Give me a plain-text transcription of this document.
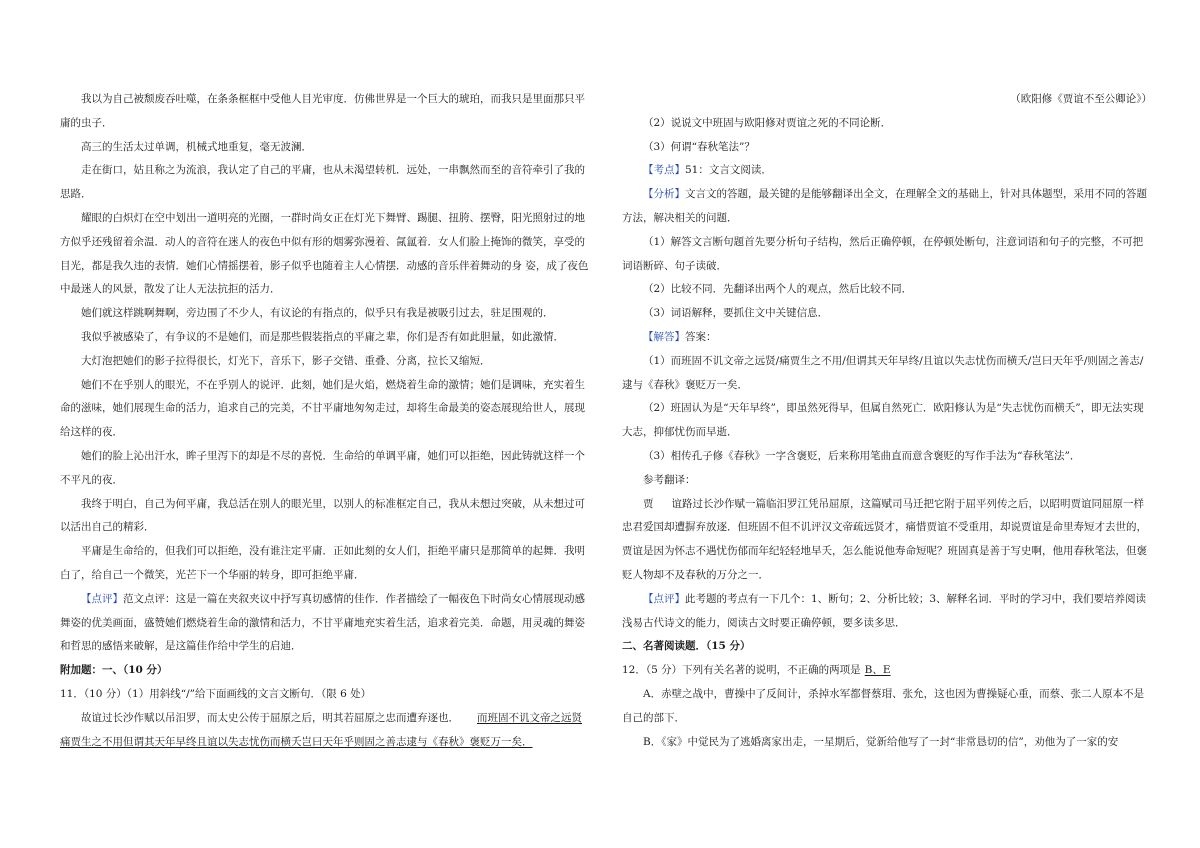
我以为自己被颓废吞吐噬，在条条框框中受他人目光审度．仿佛世界是一个巨大的琥珀，而我只是里面那只平庸的虫子．

高三的生活太过单调，机械式地重复，毫无波澜．

走在街口，姑且称之为流浪，我认定了自己的平庸，也从未渴望转机．远处，一串飘然而至的音符牵引了我的思路．

耀眼的白炽灯在空中划出一道明亮的光圈，一群时尚女正在灯光下舞臂、踢腿、扭胯、摆臀，阳光照射过的地方似乎还残留着余温．动人的音符在迷人的夜色中似有形的烟雾弥漫着、氤氲着．女人们脸上掩饰的微笑，享受的目光，都是我久违的表情．她们心情摇摆着，影子似乎也随着主人心情摆．动感的音乐伴着舞动的身 姿，成了夜色中最迷人的风景，散发了让人无法抗拒的活力．

她们就这样跳啊舞啊，旁边围了不少人，有议论的有指点的，似乎只有我是被吸引过去，驻足围观的．

我似乎被感染了，有争议的不是她们，而是那些假装指点的平庸之辈，你们是否有如此胆量，如此激情．

大灯泡把她们的影子拉得很长，灯光下，音乐下，影子交错、重叠、分离，拉长又缩短．

她们不在乎别人的眼光，不在乎别人的说评．此刻，她们是火焰，燃烧着生命的激情；她们是调味，充实着生命的滋味，她们展现生命的活力，追求自己的完美，不甘平庸地匆匆走过，却将生命最美的姿态展现给世人，展现给这样的夜．

她们的脸上沁出汗水，眸子里泻下的却是不尽的喜悦．生命给的单调平庸，她们可以拒绝，因此铸就这样一个不平凡的夜．

我终于明白，自己为何平庸，我总活在别人的眼光里，以别人的标准框定自己，我从未想过突破，从未想过可以活出自己的精彩．

平庸是生命给的，但我们可以拒绝，没有谁注定平庸．正如此刻的女人们，拒绝平庸只是那简单的起舞．我明白了，给自己一个微笑，光芒下一个华丽的转身，即可拒绝平庸．

【点评】范文点评：这是一篇在夹叙夹议中抒写真切感情的佳作．作者描绘了一幅夜色下时尚女心情展现动感舞姿的优美画面，盛赞她们燃烧着生命的激情和活力，不甘平庸地充实着生活，追求着完美．命题，用灵魂的舞姿和哲思的感悟来破解，是这篇佳作给中学生的启迪．

附加题：一、（10 分）

11．（10 分）（1）用斜线“/”给下面画线的文言文断句．（限 6 处）

故谊过长沙作赋以吊汨罗，而太史公传于屈原之后，明其若屈原之忠而遭弃逐也． 而班固不讥文帝之远贤痛贾生之不用但谓其天年早终且谊以失志忧伤而横夭岂曰天年乎则固之善志逮与《春秋》褒贬万一矣．

（欧阳修《贾谊不至公卿论》）

（2）说说文中班固与欧阳修对贾谊之死的不同论断．

（3）何谓“春秋笔法”？

【考点】51：文言文阅读．

【分析】文言文的答题，最关键的是能够翻译出全文，在理解全文的基础上，针对具体题型，采用不同的答题方法，解决相关的问题．

（1）解答文言断句题首先要分析句子结构，然后正确停顿，在停顿处断句，注意词语和句子的完整，不可把词语断碎、句子读破．

（2）比较不同．先翻译出两个人的观点，然后比较不同．

（3）词语解释，要抓住文中关键信息．

【解答】答案：

（1）而班固不讥文帝之远贤/痛贾生之不用/但谓其天年早终/且谊以失志忧伤而横夭/岂曰天年乎/则固之善志/逮与《春秋》褒贬万一矣．

（2）班固认为是“天年早终”，即虽然死得早，但属自然死亡．欧阳修认为是“失志忧伤而横夭”，即无法实现大志，抑郁忧伤而早逝．

（3）相传孔子修《春秋》一字含褒贬，后来称用笔曲直而意含褒贬的写作手法为“春秋笔法”．

参考翻译：

贾 谊路过长沙作赋一篇临汨罗江凭吊屈原，这篇赋司马迁把它附于屈平列传之后，以昭明贾谊同屈原一样忠君爱国却遭摒弃放逐．但班固不但不讥评汉文帝疏远贤才，痛惜贾谊不受重用，却说贾谊是命里寿短才去世的，贾谊是因为怀志不遇忧伤郁而年纪轻轻地早夭，怎么能说他寿命短呢？班固真是善于写史啊，他用春秋笔法，但褒贬人物却不及春秋的万分之一．

【点评】此考题的考点有一下几个：1、断句；2、分析比较；3、解释名词．平时的学习中，我们要培养阅读浅易古代诗文的能力，阅读古文时要正确停顿，要多读多思．

二、名著阅读题．（15 分）

12．（5 分）下列有关名著的说明，不正确的两项是 B、E

A．赤壁之战中，曹操中了反间计，杀掉水军都督蔡瑁、张允，这也因为曹操疑心重，而蔡、张二人原本不是自己的部下．

B．《家》中觉民为了逃婚离家出走，一星期后，觉新给他写了一封“非常恳切的信”，劝他为了一家的安
